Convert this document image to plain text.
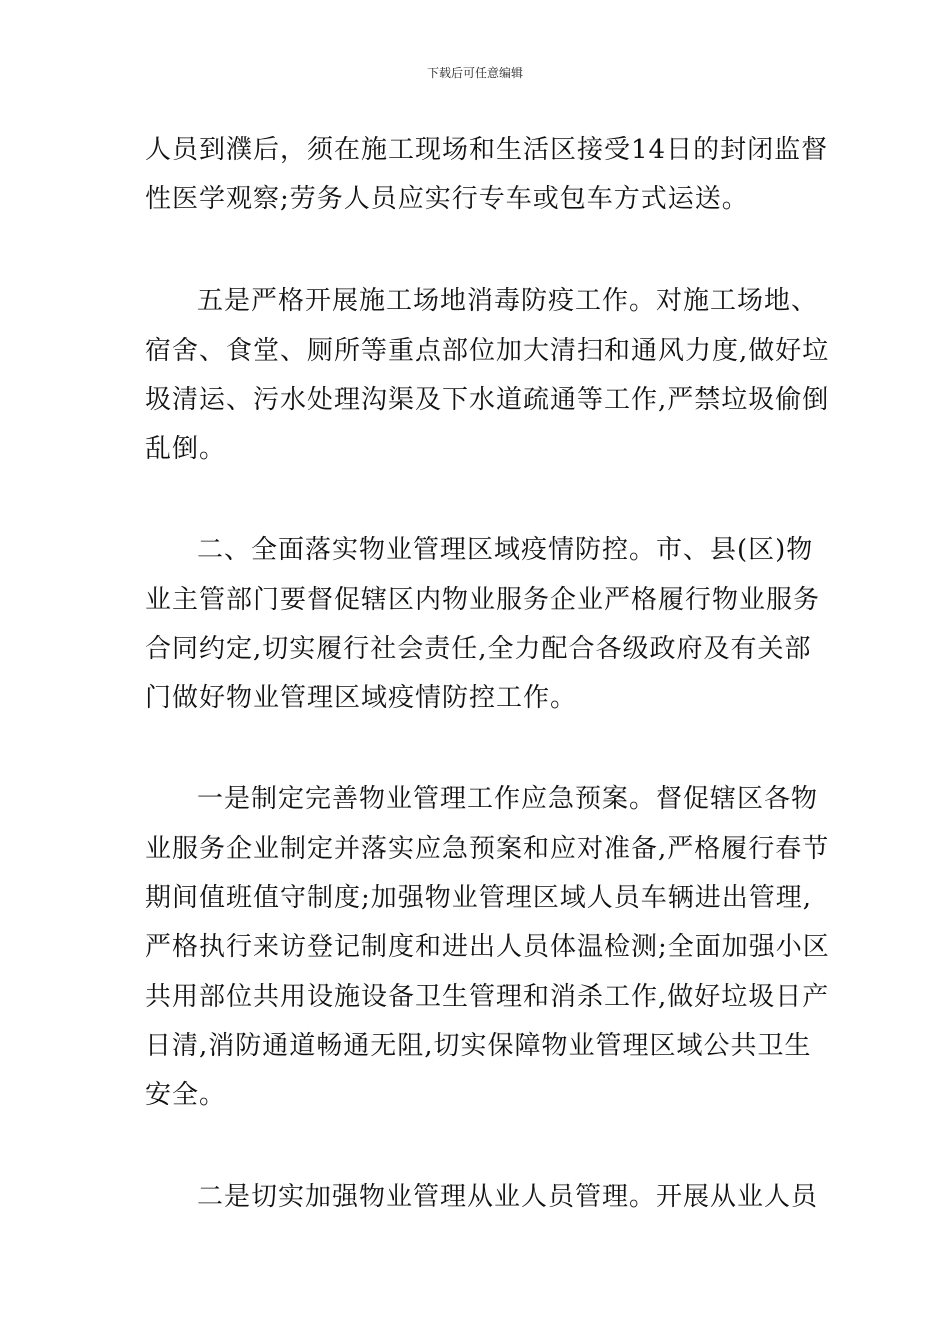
下载后可任意编辑
人员到濮后，须在施工现场和生活区接受14日的封闭监督
性医学观察;劳务人员应实行专车或包车方式运送。
五是严格开展施工场地消毒防疫工作。对施工场地、
宿舍、食堂、厕所等重点部位加大清扫和通风力度,做好垃
圾清运、污水处理沟渠及下水道疏通等工作,严禁垃圾偷倒
乱倒。
二、全面落实物业管理区域疫情防控。市、县(区)物
业主管部门要督促辖区内物业服务企业严格履行物业服务
合同约定,切实履行社会责任,全力配合各级政府及有关部
门做好物业管理区域疫情防控工作。
一是制定完善物业管理工作应急预案。督促辖区各物
业服务企业制定并落实应急预案和应对准备,严格履行春节
期间值班值守制度;加强物业管理区域人员车辆进出管理,
严格执行来访登记制度和进出人员体温检测;全面加强小区
共用部位共用设施设备卫生管理和消杀工作,做好垃圾日产
日清,消防通道畅通无阻,切实保障物业管理区域公共卫生
安全。
二是切实加强物业管理从业人员管理。开展从业人员
